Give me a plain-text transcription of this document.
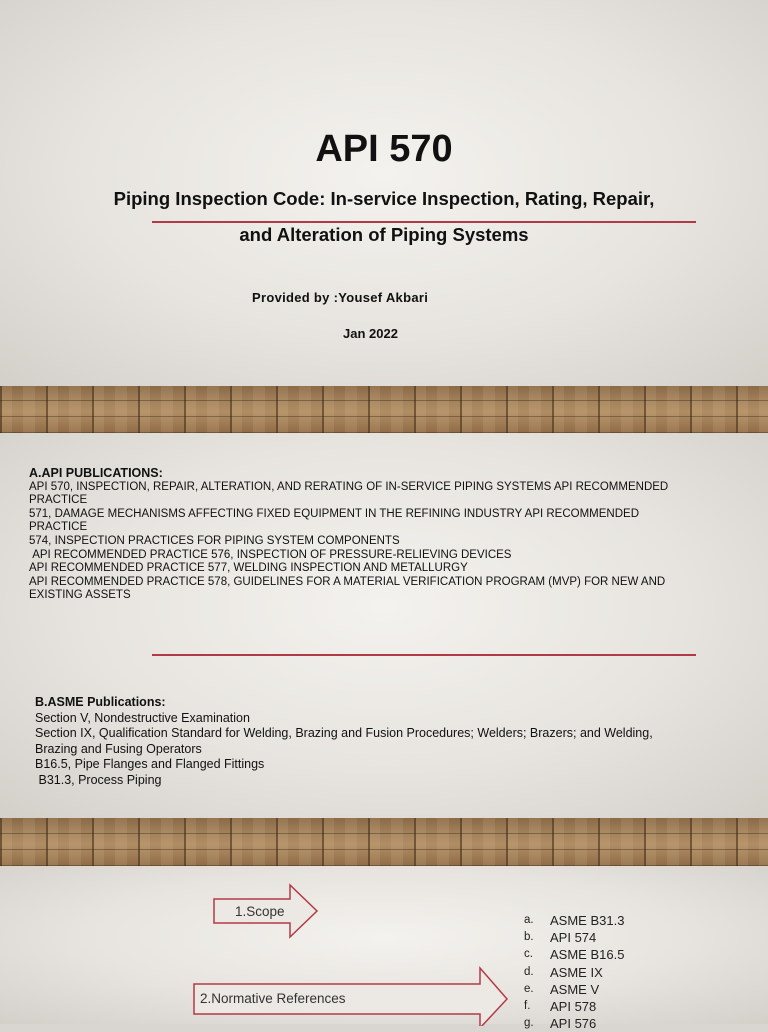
API 570
Piping Inspection Code: In-service Inspection, Rating, Repair,
and Alteration of Piping Systems
Provided by :Yousef Akbari
Jan 2022
A.API PUBLICATIONS:
API 570, INSPECTION, REPAIR, ALTERATION, AND RERATING OF IN-SERVICE PIPING SYSTEMS API RECOMMENDED
PRACTICE
571, DAMAGE MECHANISMS AFFECTING FIXED EQUIPMENT IN THE REFINING INDUSTRY API RECOMMENDED
PRACTICE
574, INSPECTION PRACTICES FOR PIPING SYSTEM COMPONENTS
API RECOMMENDED PRACTICE 576, INSPECTION OF PRESSURE-RELIEVING DEVICES
API RECOMMENDED PRACTICE 577, WELDING INSPECTION AND METALLURGY
API RECOMMENDED PRACTICE 578, GUIDELINES FOR A MATERIAL VERIFICATION PROGRAM (MVP) FOR NEW AND
EXISTING ASSETS
B.ASME Publications:
Section V, Nondestructive Examination
Section IX, Qualification Standard for Welding, Brazing and Fusion Procedures; Welders; Brazers; and Welding,
Brazing and Fusing Operators
B16.5, Pipe Flanges and Flanged Fittings
B31.3, Process Piping
1.Scope
2.Normative References
a.	ASME B31.3
b.	API 574
c.	ASME B16.5
d.	ASME IX
e.	ASME V
f.	API 578
g.	API 576
